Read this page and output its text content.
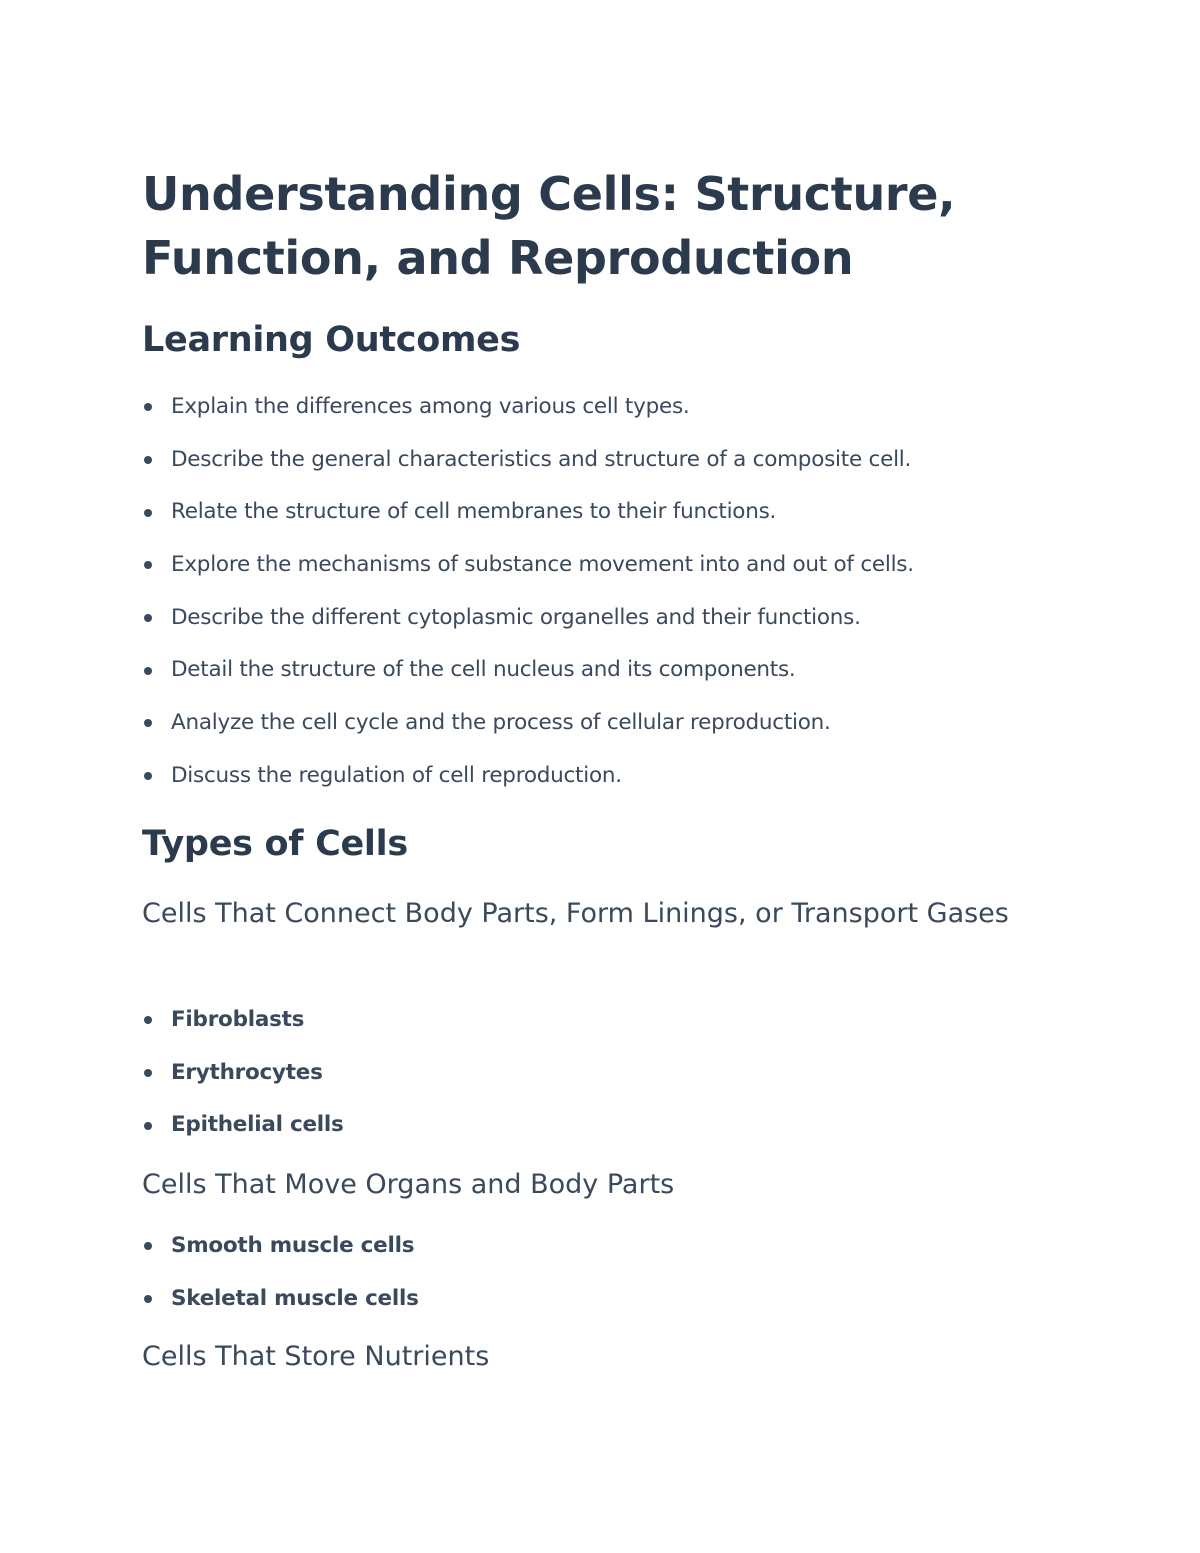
Understanding Cells: Structure, Function, and Reproduction
Learning Outcomes
Explain the differences among various cell types.
Describe the general characteristics and structure of a composite cell.
Relate the structure of cell membranes to their functions.
Explore the mechanisms of substance movement into and out of cells.
Describe the different cytoplasmic organelles and their functions.
Detail the structure of the cell nucleus and its components.
Analyze the cell cycle and the process of cellular reproduction.
Discuss the regulation of cell reproduction.
Types of Cells
Cells That Connect Body Parts, Form Linings, or Transport Gases
Fibroblasts
Erythrocytes
Epithelial cells
Cells That Move Organs and Body Parts
Smooth muscle cells
Skeletal muscle cells
Cells That Store Nutrients
